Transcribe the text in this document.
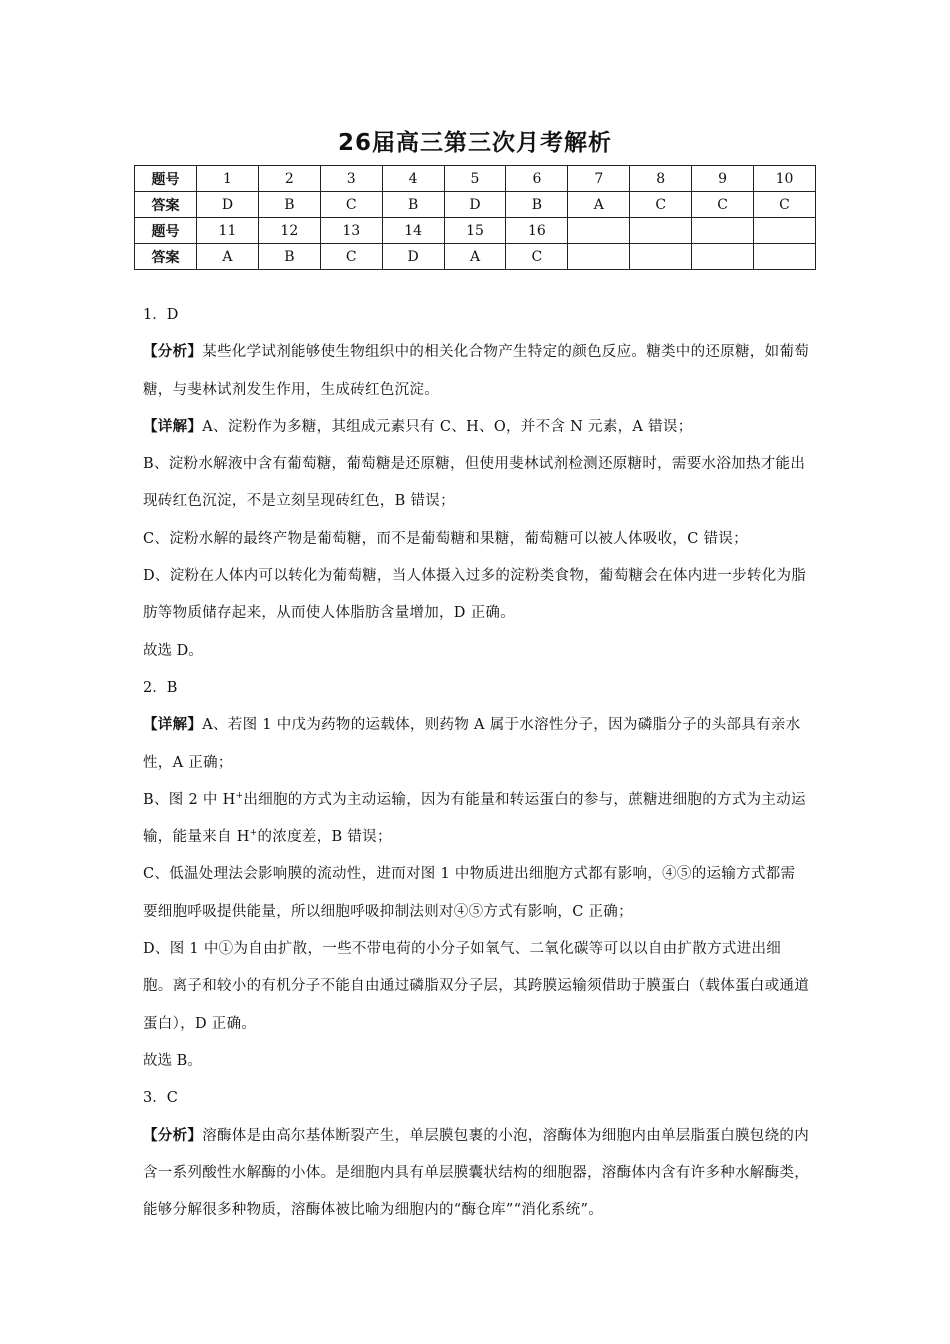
26届高三第三次月考解析
题号	1	2	3	4	5	6	7	8	9	10
答案	D	B	C	B	D	B	A	C	C	C
题号	11	12	13	14	15	16				
答案	A	B	C	D	A	C				

1．D

【分析】某些化学试剂能够使生物组织中的相关化合物产生特定的颜色反应。糖类中的还原糖，如葡萄糖，与斐林试剂发生作用，生成砖红色沉淀。

【详解】A、淀粉作为多糖，其组成元素只有 C、H、O，并不含 N 元素，A 错误；

B、淀粉水解液中含有葡萄糖，葡萄糖是还原糖，但使用斐林试剂检测还原糖时，需要水浴加热才能出现砖红色沉淀，不是立刻呈现砖红色，B 错误；

C、淀粉水解的最终产物是葡萄糖，而不是葡萄糖和果糖，葡萄糖可以被人体吸收，C 错误；

D、淀粉在人体内可以转化为葡萄糖，当人体摄入过多的淀粉类食物，葡萄糖会在体内进一步转化为脂肪等物质储存起来，从而使人体脂肪含量增加，D 正确。

故选 D。

2．B

【详解】A、若图 1 中戊为药物的运载体，则药物 A 属于水溶性分子，因为磷脂分子的头部具有亲水性，A 正确；

B、图 2 中 H+出细胞的方式为主动运输，因为有能量和转运蛋白的参与，蔗糖进细胞的方式为主动运输，能量来自 H+的浓度差，B 错误；

C、低温处理法会影响膜的流动性，进而对图 1 中物质进出细胞方式都有影响，④⑤的运输方式都需要细胞呼吸提供能量，所以细胞呼吸抑制法则对④⑤方式有影响，C 正确；

D、图 1 中①为自由扩散，一些不带电荷的小分子如氧气、二氧化碳等可以以自由扩散方式进出细胞。离子和较小的有机分子不能自由通过磷脂双分子层，其跨膜运输须借助于膜蛋白（载体蛋白或通道蛋白），D 正确。

故选 B。

3．C

【分析】溶酶体是由高尔基体断裂产生，单层膜包裹的小泡，溶酶体为细胞内由单层脂蛋白膜包绕的内含一系列酸性水解酶的小体。是细胞内具有单层膜囊状结构的细胞器，溶酶体内含有许多种水解酶类，能够分解很多种物质，溶酶体被比喻为细胞内的“酶仓库”“消化系统”。
